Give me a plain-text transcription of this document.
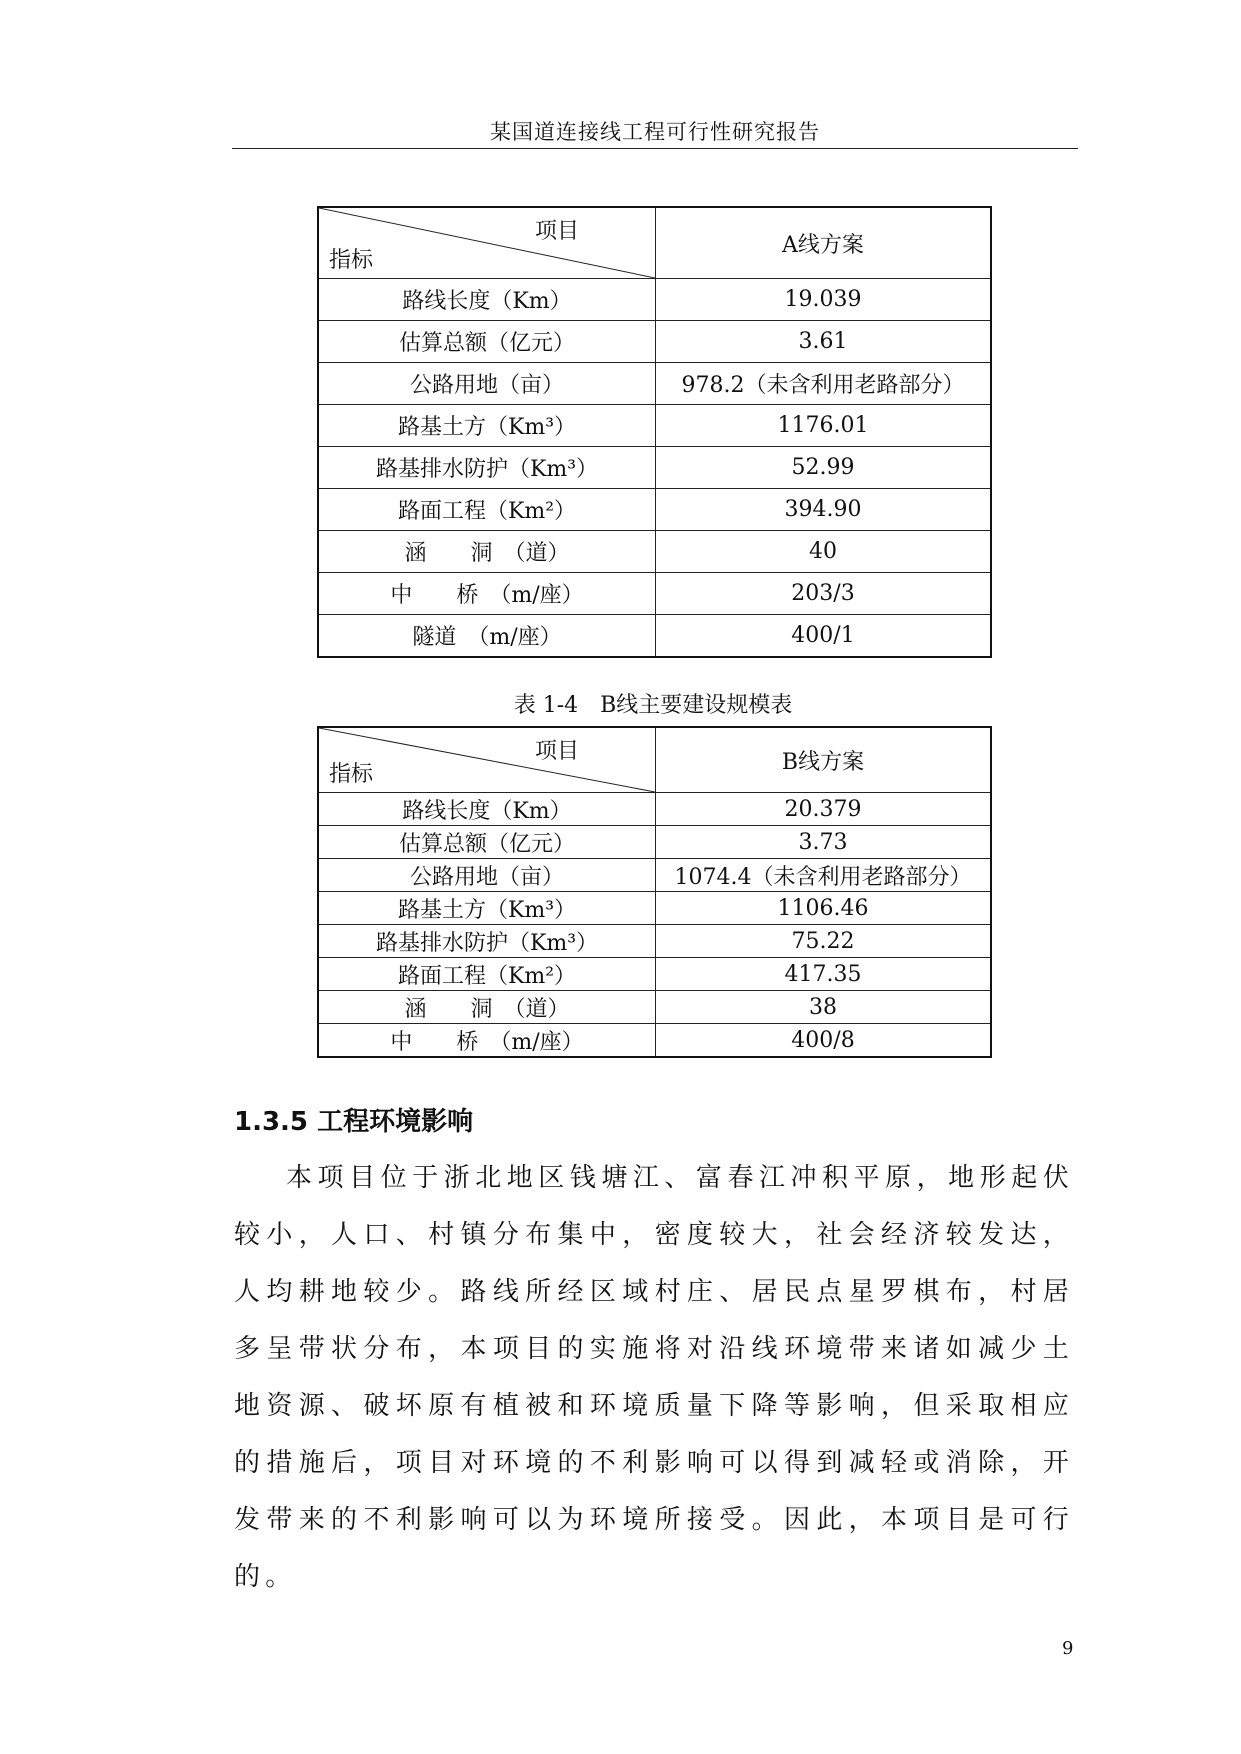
某国道连接线工程可行性研究报告
项目
指标	A线方案
路线长度（Km）	19.039
估算总额（亿元）	3.61
公路用地（亩）	978.2（未含利用老路部分）
路基土方（Km³）	1176.01
路基排水防护（Km³）	52.99
路面工程（Km²）	394.90
涵　　洞　（道）	40
中　　桥　（m/座）	203/3
隧道　（m/座）	400/1
表 1-4　B线主要建设规模表
项目
指标	B线方案
路线长度（Km）	20.379
估算总额（亿元）	3.73
公路用地（亩）	1074.4（未含利用老路部分）
路基土方（Km³）	1106.46
路基排水防护（Km³）	75.22
路面工程（Km²）	417.35
涵　　洞　（道）	38
中　　桥　（m/座）	400/8
1.3.5 工程环境影响
本项目位于浙北地区钱塘江、富春江冲积平原，地形起伏较小，人口、村镇分布集中，密度较大，社会经济较发达，人均耕地较少。路线所经区域村庄、居民点星罗棋布，村居多呈带状分布，本项目的实施将对沿线环境带来诸如减少土地资源、破坏原有植被和环境质量下降等影响，但采取相应的措施后，项目对环境的不利影响可以得到减轻或消除，开发带来的不利影响可以为环境所接受。因此，本项目是可行的。
9
